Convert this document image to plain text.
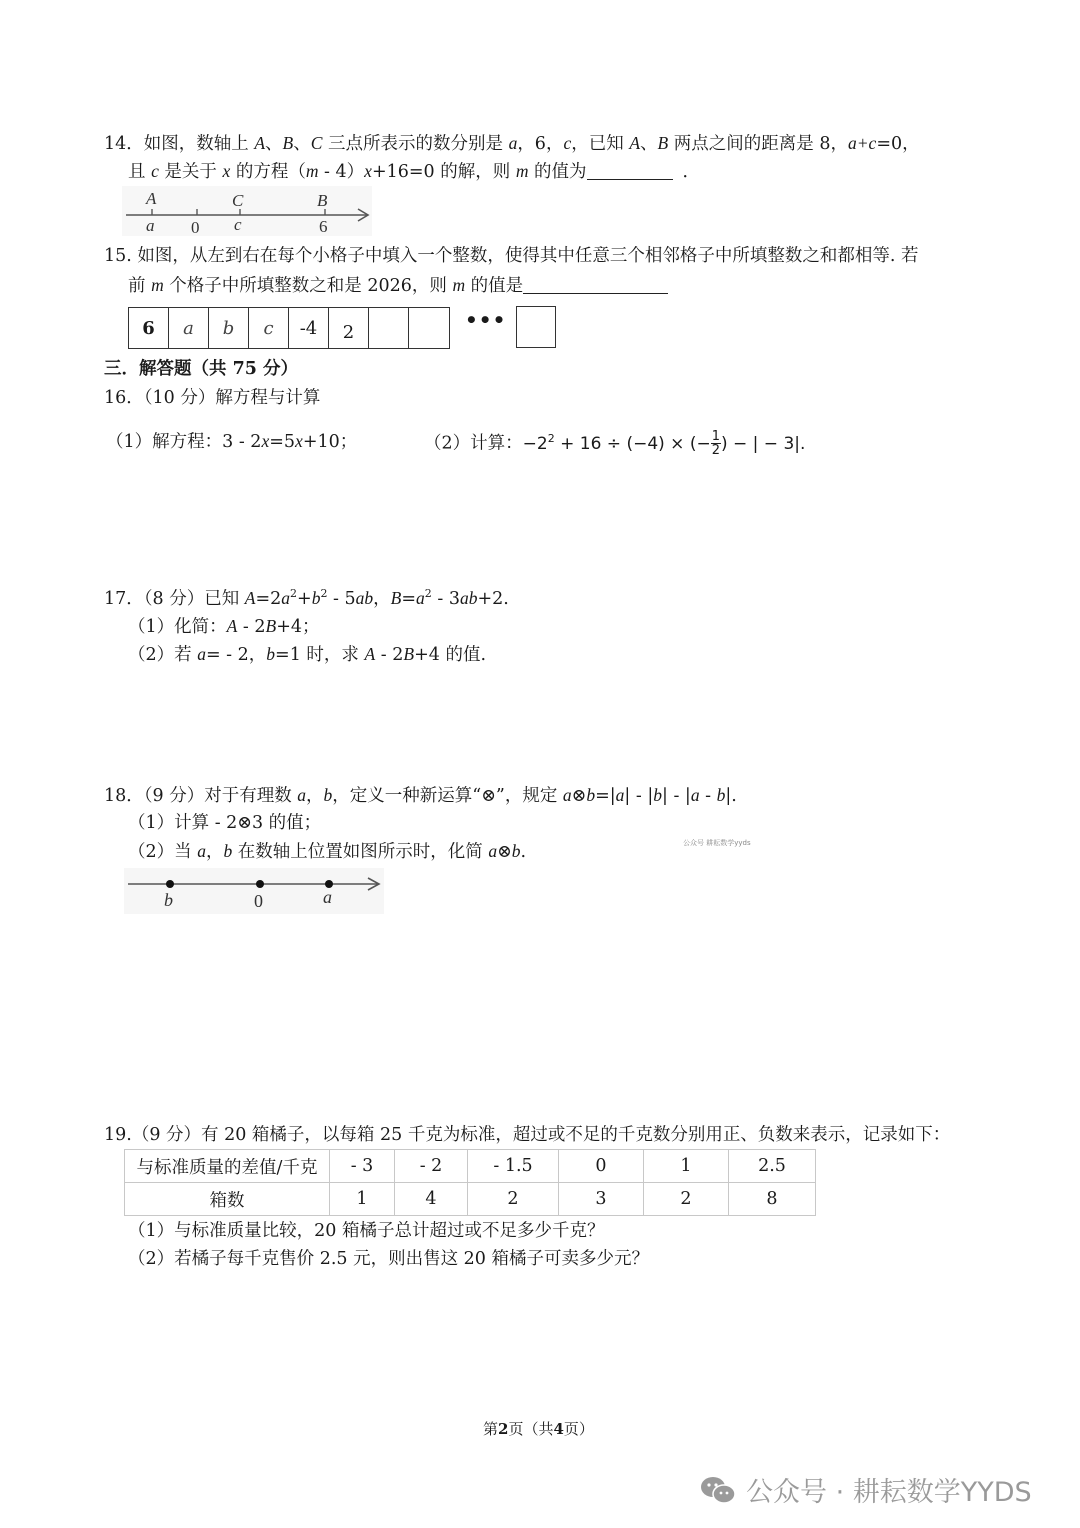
14．如图，数轴上 A、B、C 三点所表示的数分别是 a，6，c，已知 A、B 两点之间的距离是 8，a+c=0，
且 c 是关于 x 的方程（m - 4）x+16=0 的解，则 m 的值为	．
A	C	B
a 0 c	6
15. 如图，从左到右在每个小格子中填入一个整数，使得其中任意三个相邻格子中所填整数之和都相等. 若
前 m 个格子中所填整数之和是 2026，则 m 的值是
6	a	b	c	-4	2	•••
三．解答题（共 75 分）
16．（10 分）解方程与计算
（1）解方程：3 - 2x=5x+10；	（2）计算：$-2^2 + 16 \div (-4)$ × (− $\frac{1}{2}$ ) − | − 3|.
17．（8 分）已知 $A=2a^2+b^2 - 5ab$，$B=a^2 - 3ab+2$.
（1）化简：A - 2B+4；
（2）若 a= - 2，b=1 时，求 A - 2B+4 的值.
18．（9 分）对于有理数 a，b，定义一种新运算“⊗”，规定 a⊗b=|a| - |b| - |a - b|.
（1）计算 - 2⊗3 的值；
（2）当 a，b 在数轴上位置如图所示时，化简 a⊗b.	公众号 耕耘数学yyds
b	0	a
19.（9 分）有 20 箱橘子，以每箱 25 千克为标准，超过或不足的千克数分别用正、负数来表示，记录如下：
与标准质量的差值/千克	- 3	- 2	- 1.5	0	1	2.5
箱数	1	4	2	3	2	8
（1）与标准质量比较，20 箱橘子总计超过或不足多少千克？
（2）若橘子每千克售价 2.5 元，则出售这 20 箱橘子可卖多少元？
第2页（共4页）
公众号 · 耕耘数学YYDS
